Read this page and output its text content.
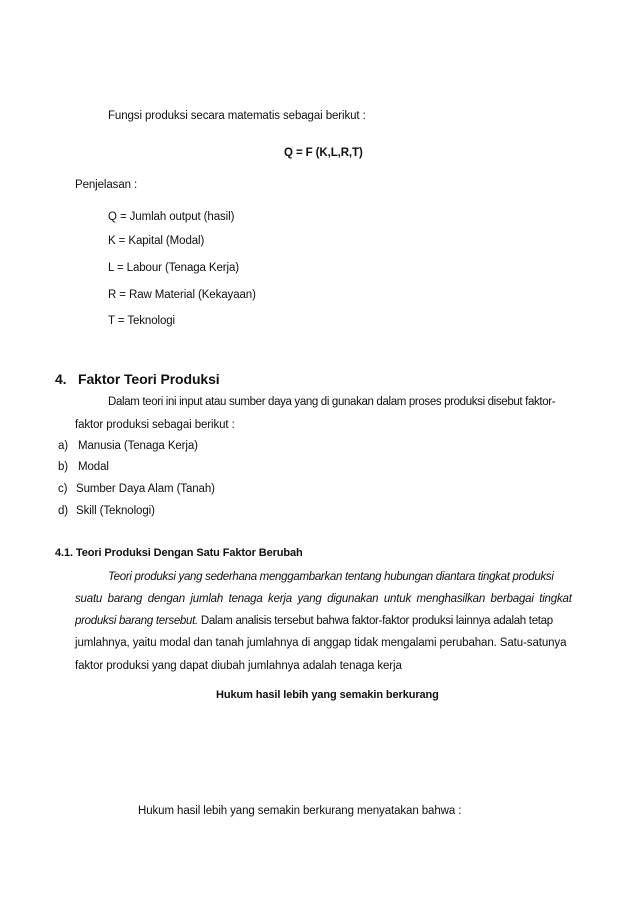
Fungsi produksi secara matematis sebagai berikut :
Q = F (K,L,R,T)
Penjelasan :
Q = Jumlah output (hasil)
K = Kapital (Modal)
L = Labour (Tenaga Kerja)
R = Raw Material (Kekayaan)
T = Teknologi
4. Faktor Teori Produksi
Dalam teori ini input atau sumber daya yang di gunakan dalam proses produksi disebut faktor-
faktor produksi sebagai berikut :
a) Manusia (Tenaga Kerja)
b) Modal
c) Sumber Daya Alam (Tanah)
d) Skill (Teknologi)
4.1. Teori Produksi Dengan Satu Faktor Berubah
Teori produksi yang sederhana menggambarkan tentang hubungan diantara tingkat produksi
suatu barang dengan jumlah tenaga kerja yang digunakan untuk menghasilkan berbagai tingkat
produksi barang tersebut. Dalam analisis tersebut bahwa faktor-faktor produksi lainnya adalah tetap
jumlahnya, yaitu modal dan tanah jumlahnya di anggap tidak mengalami perubahan. Satu-satunya
faktor produksi yang dapat diubah jumlahnya adalah tenaga kerja
Hukum hasil lebih yang semakin berkurang
Hukum hasil lebih yang semakin berkurang menyatakan bahwa :
